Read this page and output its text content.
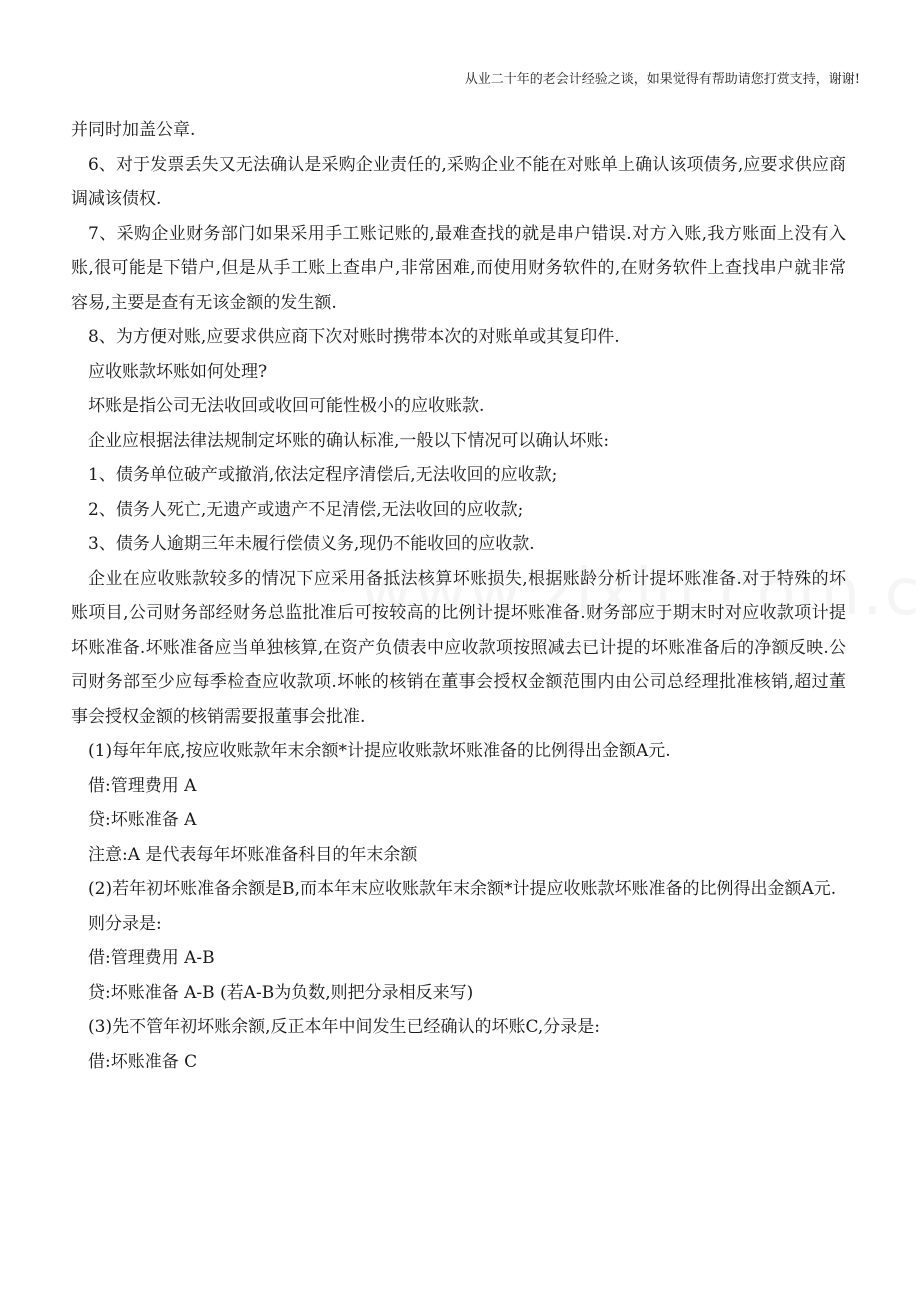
从业二十年的老会计经验之谈，如果觉得有帮助请您打赏支持，谢谢!

并同时加盖公章.

6、对于发票丢失又无法确认是采购企业责任的,采购企业不能在对账单上确认该项债务,应要求供应商调减该债权.

7、采购企业财务部门如果采用手工账记账的,最难查找的就是串户错误.对方入账,我方账面上没有入账,很可能是下错户,但是从手工账上查串户,非常困难,而使用财务软件的,在财务软件上查找串户就非常容易,主要是查有无该金额的发生额.

8、为方便对账,应要求供应商下次对账时携带本次的对账单或其复印件.

应收账款坏账如何处理?

坏账是指公司无法收回或收回可能性极小的应收账款.

企业应根据法律法规制定坏账的确认标准,一般以下情况可以确认坏账:

1、债务单位破产或撤消,依法定程序清偿后,无法收回的应收款;

2、债务人死亡,无遗产或遗产不足清偿,无法收回的应收款;

3、债务人逾期三年未履行偿债义务,现仍不能收回的应收款.

企业在应收账款较多的情况下应采用备抵法核算坏账损失,根据账龄分析计提坏账准备.对于特殊的坏账项目,公司财务部经财务总监批准后可按较高的比例计提坏账准备.财务部应于期末时对应收款项计提坏账准备.坏账准备应当单独核算,在资产负债表中应收款项按照减去已计提的坏账准备后的净额反映.公司财务部至少应每季检查应收款项.坏帐的核销在董事会授权金额范围内由公司总经理批准核销,超过董事会授权金额的核销需要报董事会批准.

(1)每年年底,按应收账款年末余额*计提应收账款坏账准备的比例得出金额A元.

借:管理费用 A

贷:坏账准备 A

注意:A 是代表每年坏账准备科目的年末余额

(2)若年初坏账准备余额是B,而本年末应收账款年末余额*计提应收账款坏账准备的比例得出金额A元.

则分录是:

借:管理费用 A-B

贷:坏账准备 A-B (若A-B为负数,则把分录相反来写)

(3)先不管年初坏账余额,反正本年中间发生已经确认的坏账C,分录是:

借:坏账准备 C
